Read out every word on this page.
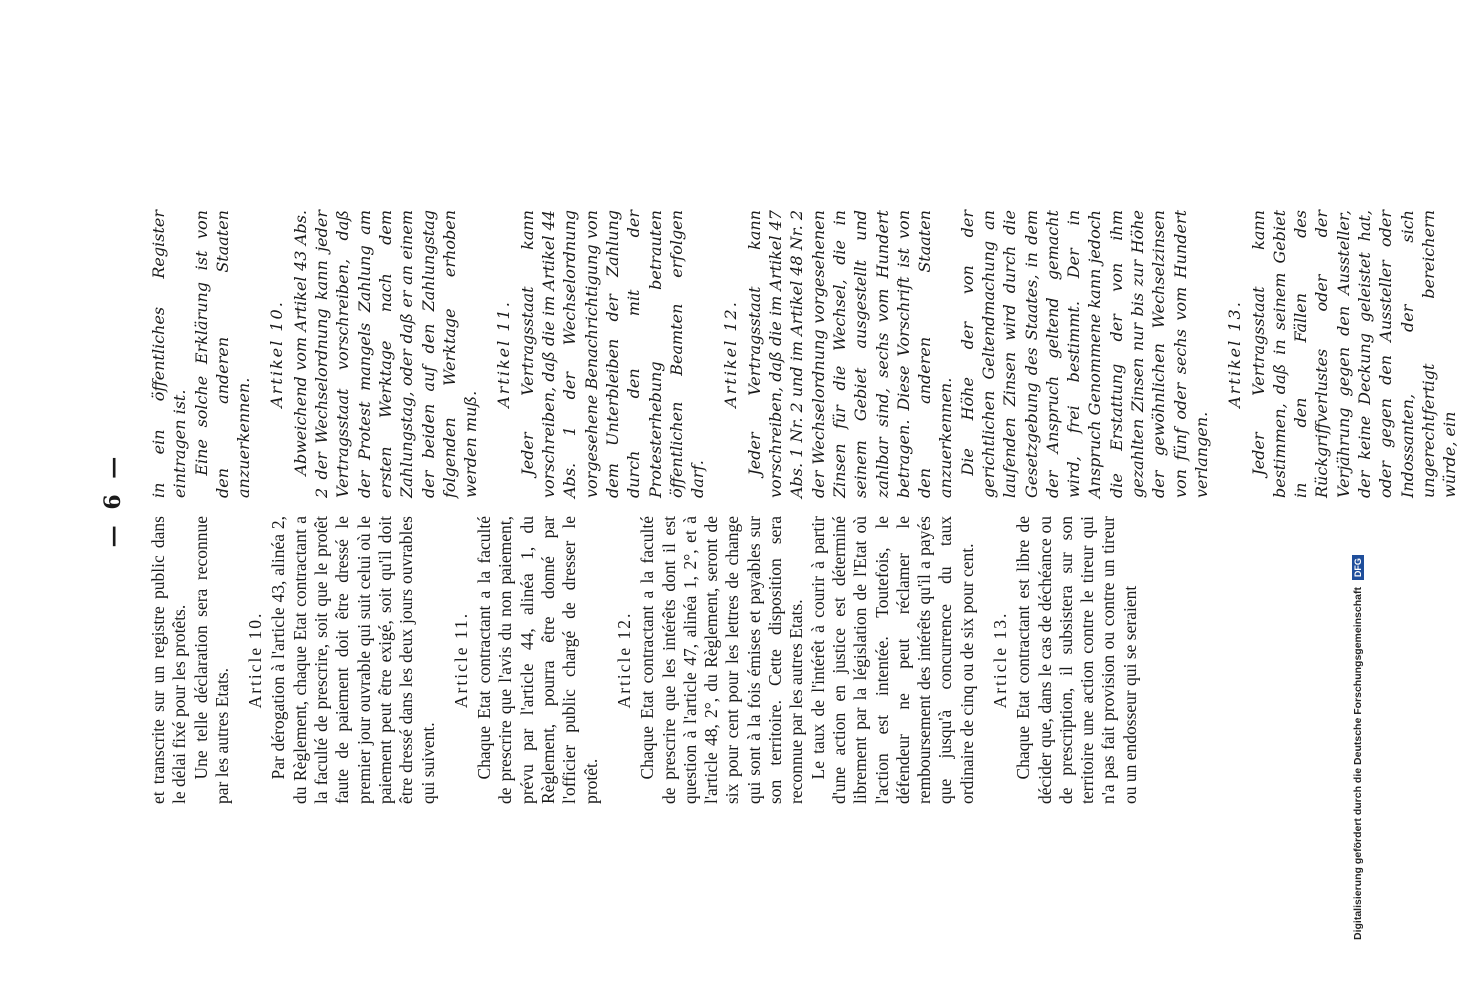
— 6 —
et transcrite sur un registre public dans le délai fixé pour les protêts. Une telle déclaration sera reconnue par les autres Etats.
Article 10. Par dérogation à l'article 43, alinéa 2, du Règlement, chaque Etat contractant a la faculté de prescrire, soit que le protêt faute de paiement doit être dressé le premier jour ouvrable qui suit celui où le paiement peut être exigé, soit qu'il doit être dressé dans les deux jours ouvrables qui suivent.
Article 11. Chaque Etat contractant a la faculté de prescrire que l'avis du non paiement, prévu par l'article 44, alinéa 1, du Règlement, pourra être donné par l'officier public chargé de dresser le protêt.
Article 12. Chaque Etat contractant a la faculté de prescrire que les intérêts dont il est question à l'article 47, alinéa 1, 2°, et à l'article 48, 2°, du Règlement, seront de six pour cent pour les lettres de change qui sont à la fois émises et payables sur son territoire. Cette disposition sera reconnue par les autres Etats. Le taux de l'intérêt à courir à partir d'une action en justice est déterminé librement par la législation de l'Etat où l'action est intentée. Toutefois, le défendeur ne peut réclamer le remboursement des intérêts qu'il a payés que jusqu'à concurrence du taux ordinaire de cinq ou de six pour cent. Article 13. Chaque Etat contractant est libre de décider que, dans le cas de déchéance ou de prescription, il subsistera sur son territoire une action contre le tireur qui n'a pas fait provision ou contre un tireur ou un endosseur qui se seraient
in ein öffentliches Register eintragen ist. Eine solche Erklärung ist von den anderen Staaten anzuerkennen.
Artikel 10. Abweichend vom Artikel 43 Abs. 2 der Wechselordnung kann jeder Vertragsstaat vorschreiben, daß der Protest mangels Zahlung am ersten Werktage nach dem Zahlungstag, oder daß er an einem der beiden auf den Zahlungstag folgenden Werktage erhoben werden muß.
Artikel 11. Jeder Vertragsstaat kann vorschreiben, daß die im Artikel 44 Abs. 1 der Wechselordnung vorgesehene Benachrichtigung von dem Unterbleiben der Zahlung durch den mit der Protesterhebung betrauten öffentlichen Beamten erfolgen darf.
Artikel 12. Jeder Vertragsstaat kann vorschreiben, daß die im Artikel 47 Abs. 1 Nr. 2 und im Artikel 48 Nr. 2 der Wechselordnung vorgesehenen Zinsen für die Wechsel, die in seinem Gebiet ausgestellt und zahlbar sind, sechs vom Hundert betragen. Diese Vorschrift ist von den anderen Staaten anzuerkennen. Die Höhe der von der gerichtlichen Geltendmachung an laufenden Zinsen wird durch die Gesetzgebung des Staates, in dem der Anspruch geltend gemacht wird, frei bestimmt. Der in Anspruch Genommene kann jedoch die Erstattung der von ihm gezahlten Zinsen nur bis zur Höhe der gewöhnlichen Wechselzinsen von fünf oder sechs vom Hundert verlangen.
Artikel 13. Jeder Vertragsstaat kann bestimmen, daß in seinem Gebiet in den Fällen des Rückgriffverlustes oder der Verjährung gegen den Aussteller, der keine Deckung geleistet hat, oder gegen den Aussteller oder Indossanten, der sich ungerechtfertigt bereichern würde, ein
Digitalisierung gefördert durch die Deutsche Forschungsgemeinschaft DFG
